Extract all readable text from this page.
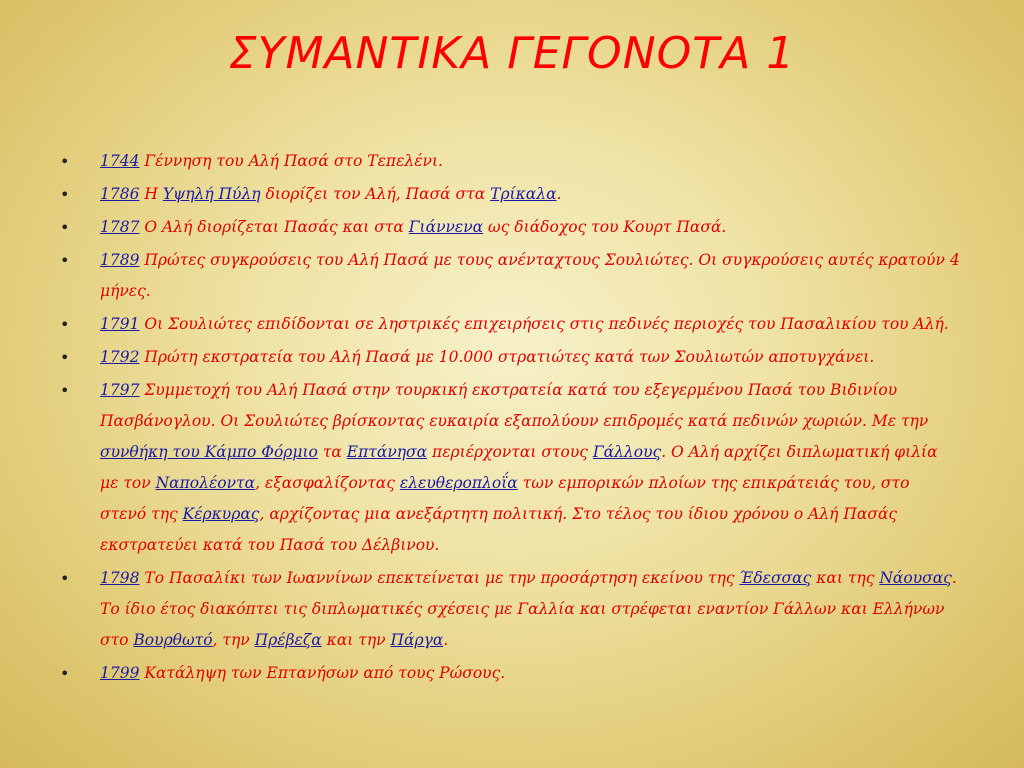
ΣΥΜΑΝΤΙΚΑ ΓΕΓΟΝΟΤΑ 1
•	1744 Γέννηση του Αλή Πασά στο Τεπελένι.
•	1786 Η Υψηλή Πύλη διορίζει τον Αλή, Πασά στα Τρίκαλα.
•	1787 Ο Αλή διορίζεται Πασάς και στα Γιάννενα ως διάδοχος του Κουρτ Πασά.
•	1789 Πρώτες συγκρούσεις του Αλή Πασά με τους ανένταχτους Σουλιώτες. Οι συγκρούσεις αυτές κρατούν 4 μήνες.
•	1791 Οι Σουλιώτες επιδίδονται σε ληστρικές επιχειρήσεις στις πεδινές περιοχές του Πασαλικίου του Αλή.
•	1792 Πρώτη εκστρατεία του Αλή Πασά με 10.000 στρατιώτες κατά των Σουλιωτών αποτυγχάνει.
•	1797 Συμμετοχή του Αλή Πασά στην τουρκική εκστρατεία κατά του εξεγερμένου Πασά του Βιδινίου Πασβάνογλου. Οι Σουλιώτες βρίσκοντας ευκαιρία εξαπολύουν επιδρομές κατά πεδινών χωριών. Με την συνθήκη του Κάμπο Φόρμιο τα Επτάνησα περιέρχονται στους Γάλλους. Ο Αλή αρχίζει διπλωματική φιλία με τον Ναπολέοντα, εξασφαλίζοντας ελευθεροπλοΐα των εμπορικών πλοίων της επικράτειάς του, στο στενό της Κέρκυρας, αρχίζοντας μια ανεξάρτητη πολιτική. Στο τέλος του ίδιου χρόνου ο Αλή Πασάς εκστρατεύει κατά του Πασά του Δέλβινου.
•	1798 Το Πασαλίκι των Ιωαννίνων επεκτείνεται με την προσάρτηση εκείνου της Έδεσσας και της Νάουσας. Το ίδιο έτος διακόπτει τις διπλωματικές σχέσεις με Γαλλία και στρέφεται εναντίον Γάλλων και Ελλήνων στο Βουρθωτό, την Πρέβεζα και την Πάργα.
•	1799 Κατάληψη των Επτανήσων από τους Ρώσους.
